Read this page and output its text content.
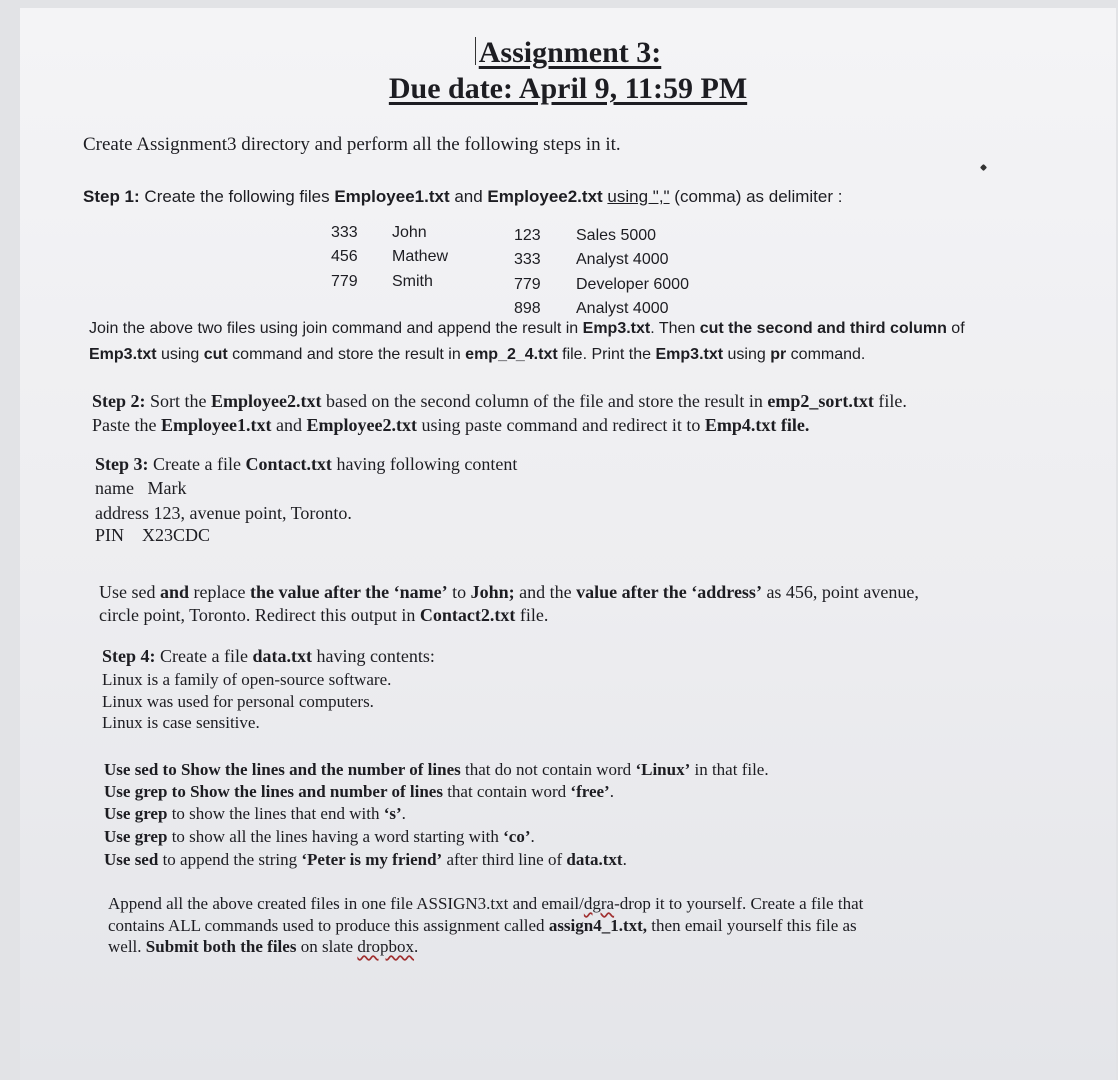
Assignment 3:
Due date: April 9, 11:59 PM
Create Assignment3 directory and perform all the following steps in it.
Step 1: Create the following files Employee1.txt and Employee2.txt using "," (comma) as delimiter :
333 John
456 Mathew
779 Smith
123 Sales 5000
333 Analyst 4000
779 Developer 6000
898 Analyst 4000
Join the above two files using join command and append the result in Emp3.txt. Then cut the second and third column of
Emp3.txt using cut command and store the result in emp_2_4.txt file. Print the Emp3.txt using pr command.
Step 2: Sort the Employee2.txt based on the second column of the file and store the result in emp2_sort.txt file.
Paste the Employee1.txt and Employee2.txt using paste command and redirect it to Emp4.txt file.
Step 3: Create a file Contact.txt having following content
name   Mark
address 123, avenue point, Toronto.
PIN    X23CDC
Use sed and replace the value after the ‘name’ to John; and the value after the ‘address’ as 456, point avenue,
circle point, Toronto. Redirect this output in Contact2.txt file.
Step 4: Create a file data.txt having contents:
Linux is a family of open-source software.
Linux was used for personal computers.
Linux is case sensitive.
Use sed to Show the lines and the number of lines that do not contain word ‘Linux’ in that file.
Use grep to Show the lines and number of lines that contain word ‘free’.
Use grep to show the lines that end with ‘s’.
Use grep to show all the lines having a word starting with ‘co’.
Use sed to append the string ‘Peter is my friend’ after third line of data.txt.
Append all the above created files in one file ASSIGN3.txt and email/dgra-drop it to yourself. Create a file that
contains ALL commands used to produce this assignment called assign4_1.txt, then email yourself this file as
well. Submit both the files on slate dropbox.
